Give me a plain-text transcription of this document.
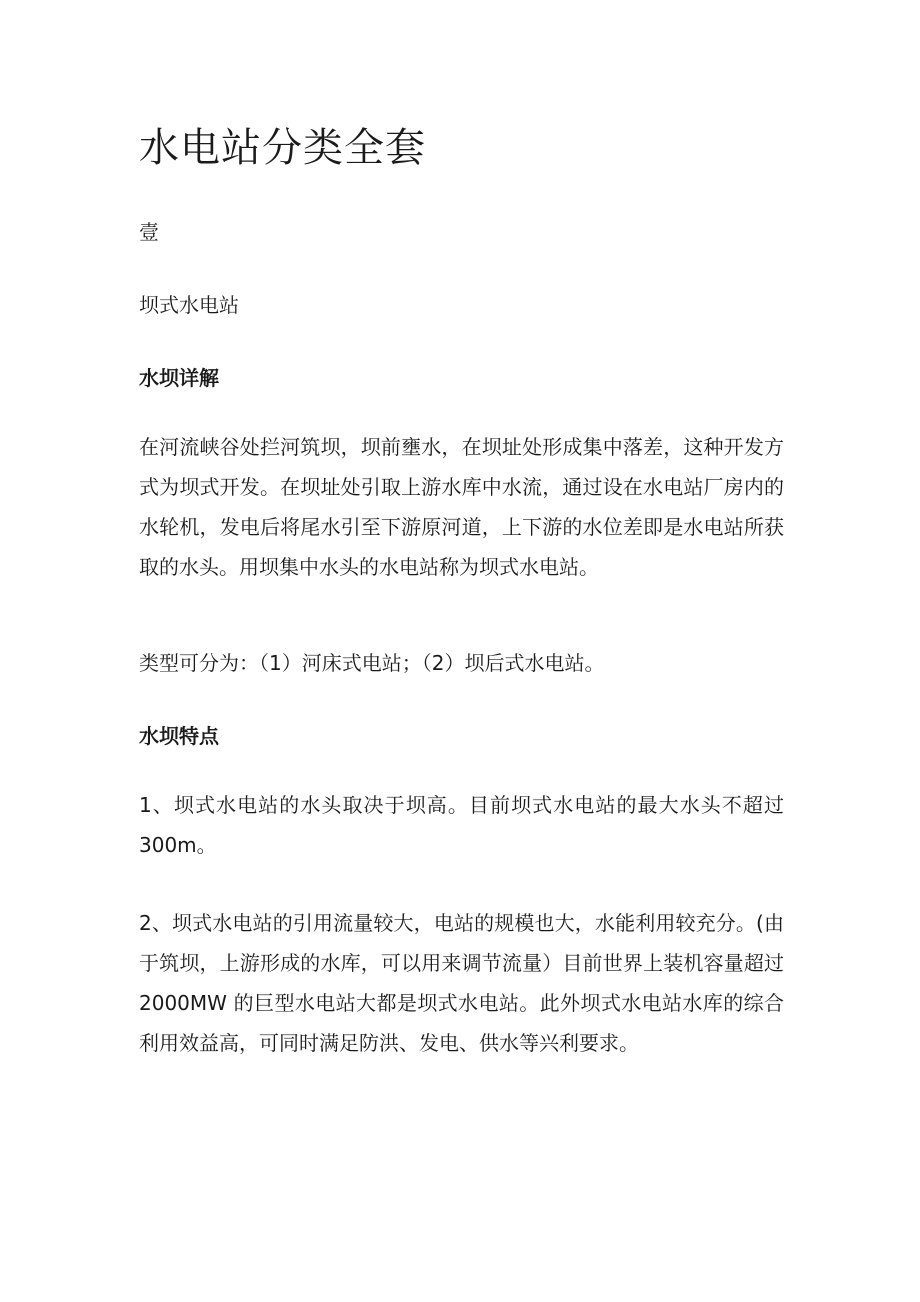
水电站分类全套

壹

坝式水电站

水坝详解

在河流峡谷处拦河筑坝，坝前壅水，在坝址处形成集中落差，这种开发方式为坝式开发。在坝址处引取上游水库中水流，通过设在水电站厂房内的水轮机，发电后将尾水引至下游原河道，上下游的水位差即是水电站所获取的水头。用坝集中水头的水电站称为坝式水电站。

类型可分为：（1）河床式电站；（2）坝后式水电站。

水坝特点

1、坝式水电站的水头取决于坝高。目前坝式水电站的最大水头不超过300m。

2、坝式水电站的引用流量较大，电站的规模也大，水能利用较充分。(由于筑坝，上游形成的水库，可以用来调节流量）目前世界上装机容量超过 2000MW 的巨型水电站大都是坝式水电站。此外坝式水电站水库的综合利用效益高，可同时满足防洪、发电、供水等兴利要求。
